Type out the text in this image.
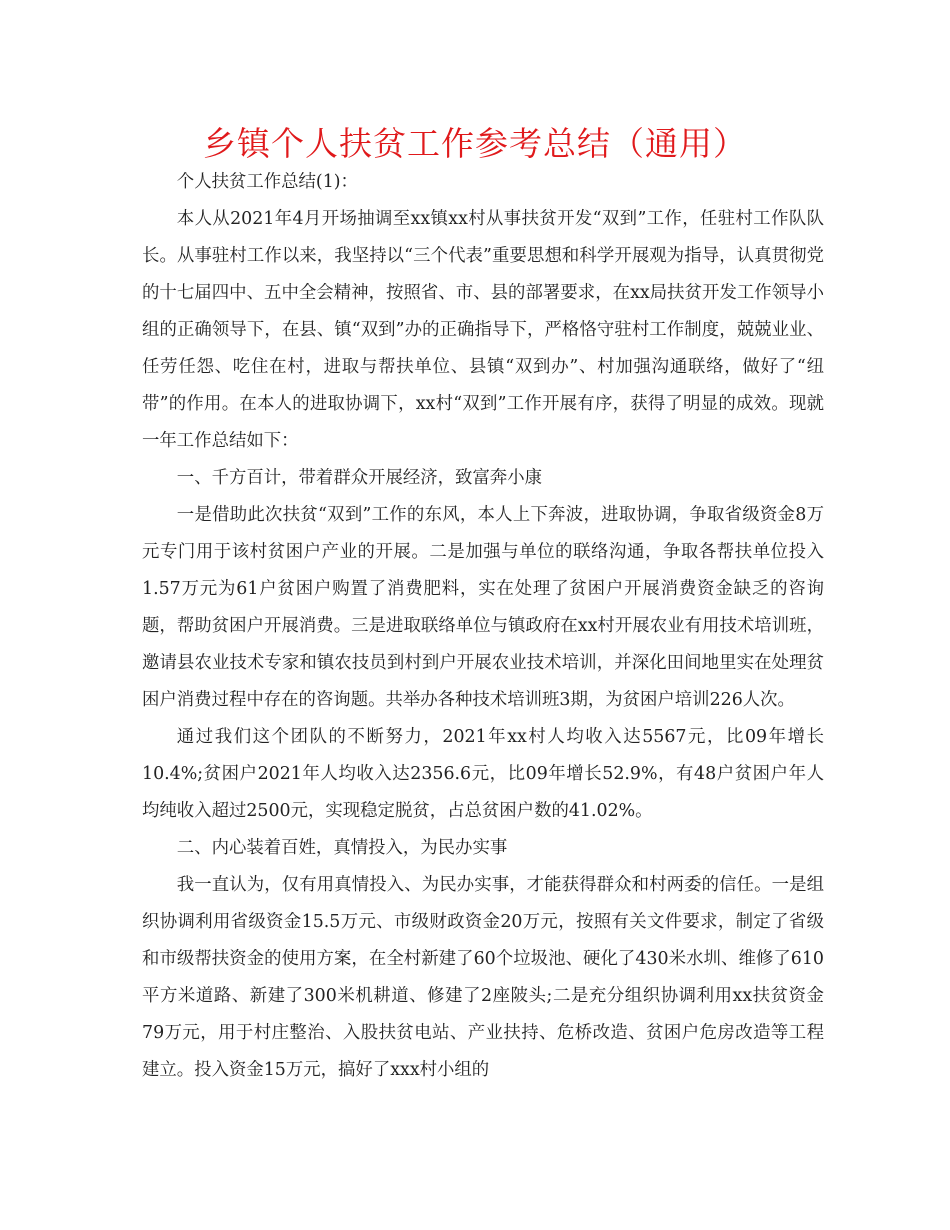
乡镇个人扶贫工作参考总结（通用）

个人扶贫工作总结(1)：

本人从2021年4月开场抽调至xx镇xx村从事扶贫开发“双到”工作，任驻村工作队队长。从事驻村工作以来，我坚持以“三个代表”重要思想和科学开展观为指导，认真贯彻党的十七届四中、五中全会精神，按照省、市、县的部署要求，在xx局扶贫开发工作领导小组的正确领导下，在县、镇“双到”办的正确指导下，严格恪守驻村工作制度，兢兢业业、任劳任怨、吃住在村，进取与帮扶单位、县镇“双到办”、村加强沟通联络，做好了“纽带”的作用。在本人的进取协调下，xx村“双到”工作开展有序，获得了明显的成效。现就一年工作总结如下：

一、千方百计，带着群众开展经济，致富奔小康

一是借助此次扶贫“双到”工作的东风，本人上下奔波，进取协调，争取省级资金8万元专门用于该村贫困户产业的开展。二是加强与单位的联络沟通，争取各帮扶单位投入1.57万元为61户贫困户购置了消费肥料，实在处理了贫困户开展消费资金缺乏的咨询题，帮助贫困户开展消费。三是进取联络单位与镇政府在xx村开展农业有用技术培训班，邀请县农业技术专家和镇农技员到村到户开展农业技术培训，并深化田间地里实在处理贫困户消费过程中存在的咨询题。共举办各种技术培训班3期，为贫困户培训226人次。

通过我们这个团队的不断努力，2021年xx村人均收入达5567元，比09年增长10.4%;贫困户2021年人均收入达2356.6元，比09年增长52.9%，有48户贫困户年人均纯收入超过2500元，实现稳定脱贫，占总贫困户数的41.02%。

二、内心装着百姓，真情投入，为民办实事

我一直认为，仅有用真情投入、为民办实事，才能获得群众和村两委的信任。一是组织协调利用省级资金15.5万元、市级财政资金20万元，按照有关文件要求，制定了省级和市级帮扶资金的使用方案，在全村新建了60个垃圾池、硬化了430米水圳、维修了610平方米道路、新建了300米机耕道、修建了2座陂头;二是充分组织协调利用xx扶贫资金79万元，用于村庄整治、入股扶贫电站、产业扶持、危桥改造、贫困户危房改造等工程建立。投入资金15万元，搞好了xxx村小组的
